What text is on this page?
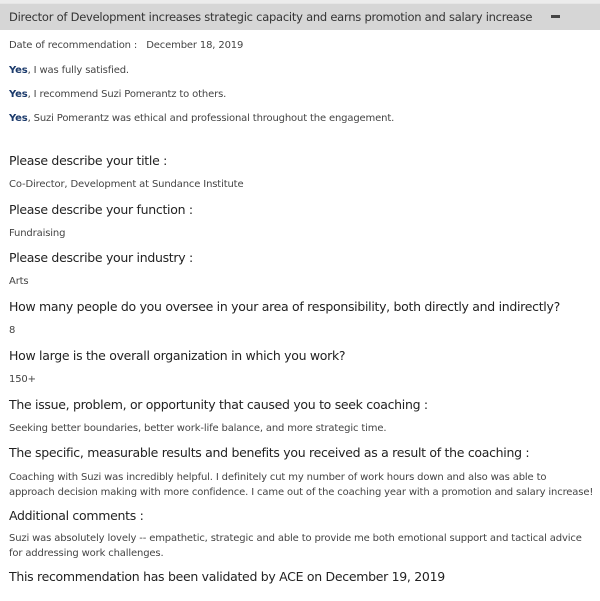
Director of Development increases strategic capacity and earns promotion and salary increase
Date of recommendation : December 18, 2019
Yes, I was fully satisfied.
Yes, I recommend Suzi Pomerantz to others.
Yes, Suzi Pomerantz was ethical and professional throughout the engagement.
Please describe your title :
Co-Director, Development at Sundance Institute
Please describe your function :
Fundraising
Please describe your industry :
Arts
How many people do you oversee in your area of responsibility, both directly and indirectly?
8
How large is the overall organization in which you work?
150+
The issue, problem, or opportunity that caused you to seek coaching :
Seeking better boundaries, better work-life balance, and more strategic time.
The specific, measurable results and benefits you received as a result of the coaching :
Coaching with Suzi was incredibly helpful. I definitely cut my number of work hours down and also was able to approach decision making with more confidence. I came out of the coaching year with a promotion and salary increase!
Additional comments :
Suzi was absolutely lovely -- empathetic, strategic and able to provide me both emotional support and tactical advice for addressing work challenges.
This recommendation has been validated by ACE on December 19, 2019
